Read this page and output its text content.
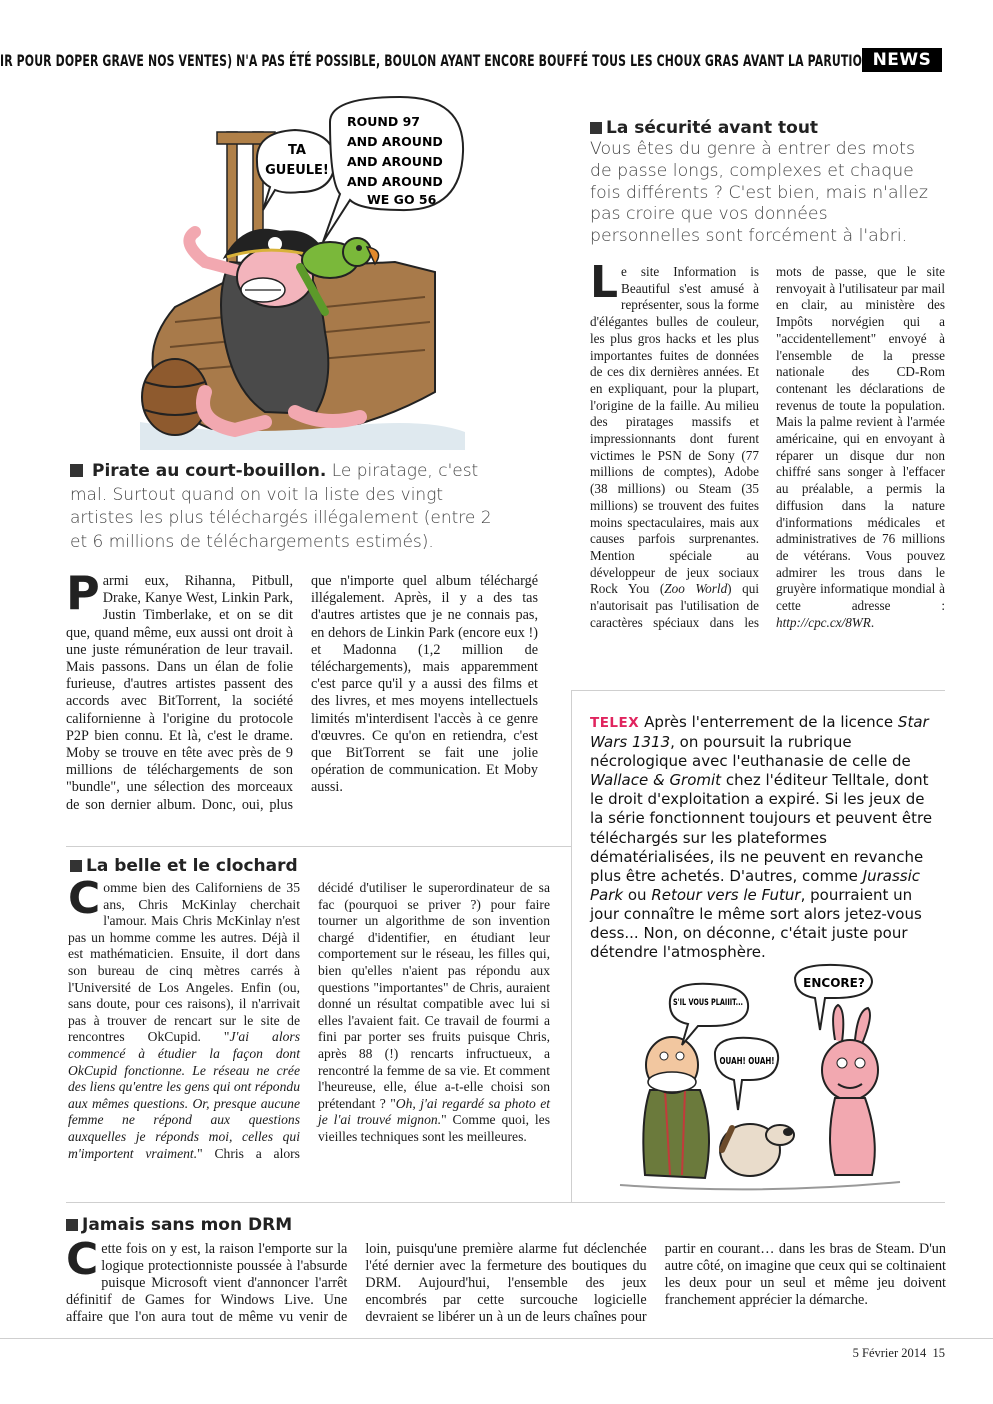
IR POUR DOPER GRAVE NOS VENTES) N'A PAS ÉTÉ POSSIBLE, BOULON AYANT ENCORE BOUFFÉ TOUS LES CHOUX GRAS AVANT LA PARUTIO NEWS
TA
GUEULE!
ROUND 97
AND AROUND
AND AROUND
AND AROUND
WE GO 56
Pirate au court-bouillon. Le piratage, c'est mal. Surtout quand on voit la liste des vingt artistes les plus téléchargés illégalement (entre 2 et 6 millions de téléchargements estimés).

Parmi eux, Rihanna, Pitbull, Drake, Kanye West, Linkin Park, Justin Timberlake, et on se dit que, quand même, eux aussi ont droit à une juste rémunération de leur travail. Mais passons. Dans un élan de folie furieuse, d'autres artistes passent des accords avec BitTorrent, la société californienne à l'origine du protocole P2P bien connu. Et là, c'est le drame. Moby se trouve en tête avec près de 9 millions de téléchargements de son "bundle", une sélection des morceaux de son dernier album. Donc, oui, plus que n'importe quel album téléchargé illégalement. Après, il y a des tas d'autres artistes que je ne connais pas, en dehors de Linkin Park (encore eux !) et Madonna (1,2 million de téléchargements), mais apparemment c'est parce qu'il y a aussi des films et des livres, et mes moyens intellectuels limités m'interdisent l'accès à ce genre d'œuvres. Ce qu'on en retiendra, c'est que BitTorrent se fait une jolie opération de communication. Et Moby aussi.

La sécurité avant tout
Vous êtes du genre à entrer des mots de passe longs, complexes et chaque fois différents ? C'est bien, mais n'allez pas croire que vos données personnelles sont forcément à l'abri.

Le site Information is Beautiful s'est amusé à représenter, sous la forme d'élégantes bulles de couleur, les plus gros hacks et les plus importantes fuites de données de ces dix dernières années. Et en expliquant, pour la plupart, l'origine de la faille. Au milieu des piratages massifs et impressionnants dont furent victimes le PSN de Sony (77 millions de comptes), Adobe (38 millions) ou Steam (35 millions) se trouvent des fuites moins spectaculaires, mais aux causes parfois surprenantes. Mention spéciale au développeur de jeux sociaux Rock You (Zoo World) qui n'autorisait pas l'utilisation de caractères spéciaux dans les mots de passe, que le site renvoyait à l'utilisateur par mail en clair, au ministère des Impôts norvégien qui a "accidentellement" envoyé à l'ensemble de la presse nationale des CD-Rom contenant les déclarations de revenus de toute la population. Mais la palme revient à l'armée américaine, qui en envoyant à réparer un disque dur non chiffré sans songer à l'effacer au préalable, a permis la diffusion dans la nature d'informations médicales et administratives de 76 millions de vétérans. Vous pouvez admirer les trous dans le gruyère informatique mondial à cette adresse : http://cpc.cx/8WR.

TELEX Après l'enterrement de la licence Star Wars 1313, on poursuit la rubrique nécrologique avec l'euthanasie de celle de Wallace & Gromit chez l'éditeur Telltale, dont le droit d'exploitation a expiré. Si les jeux de la série fonctionnent toujours et peuvent être téléchargés sur les plateformes dématérialisées, ils ne peuvent en revanche plus être achetés. D'autres, comme Jurassic Park ou Retour vers le Futur, pourraient un jour connaître le même sort alors jetez-vous dess... Non, on déconne, c'était juste pour détendre l'atmosphère.
ENCORE?
S'IL VOUS PLAIIIT...
OUAH! OUAH!
La belle et le clochard

Comme bien des Californiens de 35 ans, Chris McKinlay cherchait l'amour. Mais Chris McKinlay n'est pas un homme comme les autres. Déjà il est mathématicien. Ensuite, il dort dans son bureau de cinq mètres carrés à l'Université de Los Angeles. Enfin (ou, sans doute, pour ces raisons), il n'arrivait pas à trouver de rencart sur le site de rencontres OkCupid. "J'ai alors commencé à étudier la façon dont OkCupid fonctionne. Le réseau ne crée des liens qu'entre les gens qui ont répondu aux mêmes questions. Or, presque aucune femme ne répond aux questions auxquelles je réponds moi, celles qui m'importent vraiment." Chris a alors décidé d'utiliser le superordinateur de sa fac (pourquoi se priver ?) pour faire tourner un algorithme de son invention chargé d'identifier, en étudiant leur comportement sur le réseau, les filles qui, bien qu'elles n'aient pas répondu aux questions "importantes" de Chris, auraient donné un résultat compatible avec lui si elles l'avaient fait. Ce travail de fourmi a fini par porter ses fruits puisque Chris, après 88 (!) rencarts infructueux, a rencontré la femme de sa vie. Et comment l'heureuse, elle, élue a-t-elle choisi son prétendant ? "Oh, j'ai regardé sa photo et je l'ai trouvé mignon." Comme quoi, les vieilles techniques sont les meilleures.

Jamais sans mon DRM

Cette fois on y est, la raison l'emporte sur la logique protectionniste poussée à l'absurde puisque Microsoft vient d'annoncer l'arrêt définitif de Games for Windows Live. Une affaire que l'on aura tout de même vu venir de loin, puisqu'une première alarme fut déclenchée l'été dernier avec la fermeture des boutiques du DRM. Aujourd'hui, l'ensemble des jeux encombrés par cette surcouche logicielle devraient se libérer un à un de leurs chaînes pour partir en courant… dans les bras de Steam. D'un autre côté, on imagine que ceux qui se coltinaient les deux pour un seul et même jeu doivent franchement apprécier la démarche.

5 Février 2014 15
